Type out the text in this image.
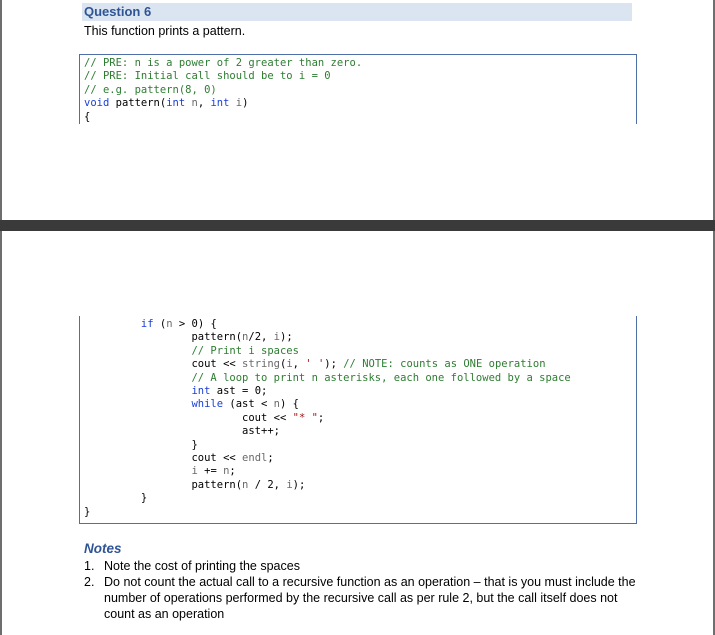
Question 6
This function prints a pattern.
// PRE: n is a power of 2 greater than zero.
// PRE: Initial call should be to i = 0
// e.g. pattern(8, 0)
void pattern(int n, int i)
{
if (n > 0) {
pattern(n/2, i);
// Print i spaces
cout << string(i, ' '); // NOTE: counts as ONE operation
// A loop to print n asterisks, each one followed by a space
int ast = 0;
while (ast < n) {
cout << "* ";
ast++;
}
cout << endl;
i += n;
pattern(n / 2, i);
}
}
Notes
1. Note the cost of printing the spaces
2. Do not count the actual call to a recursive function as an operation – that is you must include the number of operations performed by the recursive call as per rule 2, but the call itself does not count as an operation
